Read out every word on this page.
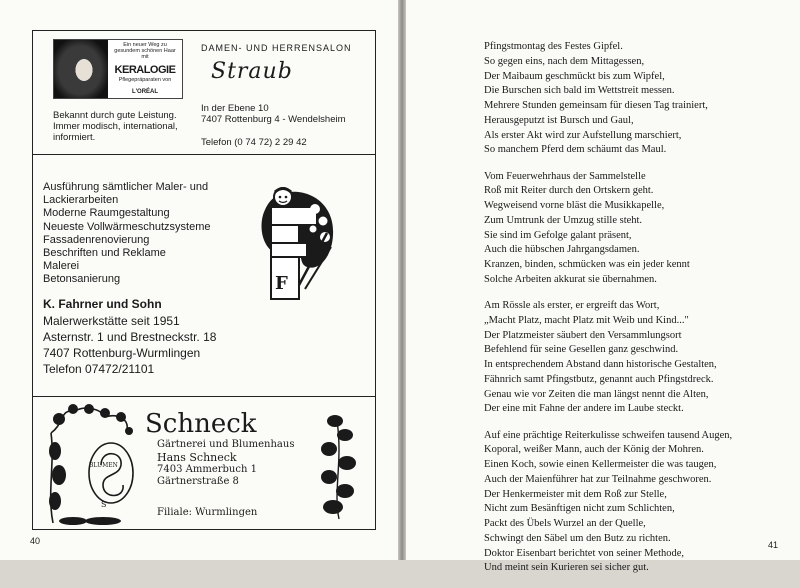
Ein neuer Weg zu gesundem schönen Haar mit
KERALOGIE
Pflegepräparaten von
L'ORÉAL
DAMEN- UND HERRENSALON
Straub
In der Ebene 10
7407 Rottenburg 4 - Wendelsheim
Telefon (0 74 72) 2 29 42
Bekannt durch gute Leistung.
Immer modisch, international,
informiert.
Ausführung sämtlicher Maler- und
Lackierarbeiten
Moderne Raumgestaltung
Neueste Vollwärmeschutzsysteme
Fassadenrenovierung
Beschriften und Reklame
Malerei
Betonsanierung	F
K. Fahrner und Sohn
Malerwerkstätte seit 1951
Asternstr. 1 und Brestneckstr. 18
7407 Rottenburg-Wurmlingen
Telefon 07472/21101
BLUMEN
S
Schneck
Gärtnerei und Blumenhaus
Hans Schneck
7403 Ammerbuch 1
Gärtnerstraße 8
Filiale: Wurmlingen
40
Pfingstmontag des Festes Gipfel.
So gegen eins, nach dem Mittagessen,
Der Maibaum geschmückt bis zum Wipfel,
Die Burschen sich bald im Wettstreit messen.
Mehrere Stunden gemeinsam für diesen Tag trainiert,
Herausgeputzt ist Bursch und Gaul,
Als erster Akt wird zur Aufstellung marschiert,
So manchem Pferd dem schäumt das Maul.
Vom Feuerwehrhaus der Sammelstelle
Roß mit Reiter durch den Ortskern geht.
Wegweisend vorne bläst die Musikkapelle,
Zum Umtrunk der Umzug stille steht.
Sie sind im Gefolge galant präsent,
Auch die hübschen Jahrgangsdamen.
Kranzen, binden, schmücken was ein jeder kennt
Solche Arbeiten akkurat sie übernahmen.
Am Rössle als erster, er ergreift das Wort,
„Macht Platz, macht Platz mit Weib und Kind..."
Der Platzmeister säubert den Versammlungsort
Befehlend für seine Gesellen ganz geschwind.
In entsprechendem Abstand dann historische Gestalten,
Fähnrich samt Pfingstbutz, genannt auch Pfingstdreck.
Genau wie vor Zeiten die man längst nennt die Alten,
Der eine mit Fahne der andere im Laube steckt.
Auf eine prächtige Reiterkulisse schweifen tausend Augen,
Koporal, weißer Mann, auch der König der Mohren.
Einen Koch, sowie einen Kellermeister die was taugen,
Auch der Maienführer hat zur Teilnahme geschworen.
Der Henkermeister mit dem Roß zur Stelle,
Nicht zum Besänftigen nicht zum Schlichten,
Packt des Übels Wurzel an der Quelle,
Schwingt den Säbel um den Butz zu richten.
Doktor Eisenbart berichtet von seiner Methode,
Und meint sein Kurieren sei sicher gut.
41
